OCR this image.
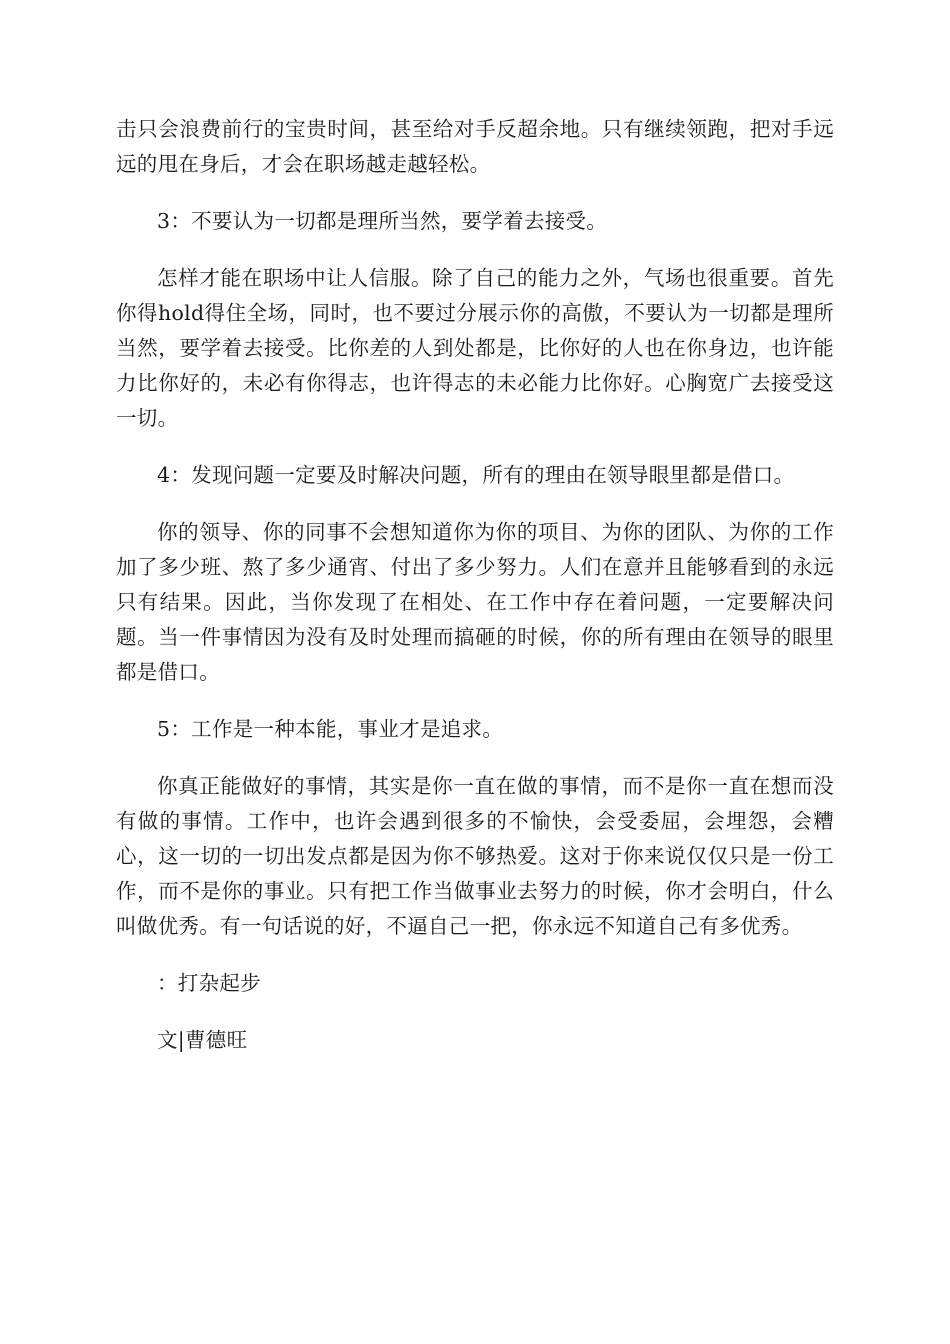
击只会浪费前行的宝贵时间，甚至给对手反超余地。只有继续领跑，把对手远远的甩在身后，才会在职场越走越轻松。

3：不要认为一切都是理所当然，要学着去接受。

怎样才能在职场中让人信服。除了自己的能力之外，气场也很重要。首先你得hold得住全场，同时，也不要过分展示你的高傲，不要认为一切都是理所当然，要学着去接受。比你差的人到处都是，比你好的人也在你身边，也许能力比你好的，未必有你得志，也许得志的未必能力比你好。心胸宽广去接受这一切。

4：发现问题一定要及时解决问题，所有的理由在领导眼里都是借口。

你的领导、你的同事不会想知道你为你的项目、为你的团队、为你的工作加了多少班、熬了多少通宵、付出了多少努力。人们在意并且能够看到的永远只有结果。因此，当你发现了在相处、在工作中存在着问题，一定要解决问题。当一件事情因为没有及时处理而搞砸的时候，你的所有理由在领导的眼里都是借口。

5：工作是一种本能，事业才是追求。

你真正能做好的事情，其实是你一直在做的事情，而不是你一直在想而没有做的事情。工作中，也许会遇到很多的不愉快，会受委屈，会埋怨，会糟心，这一切的一切出发点都是因为你不够热爱。这对于你来说仅仅只是一份工作，而不是你的事业。只有把工作当做事业去努力的时候，你才会明白，什么叫做优秀。有一句话说的好，不逼自己一把，你永远不知道自己有多优秀。

：打杂起步

文|曹德旺
